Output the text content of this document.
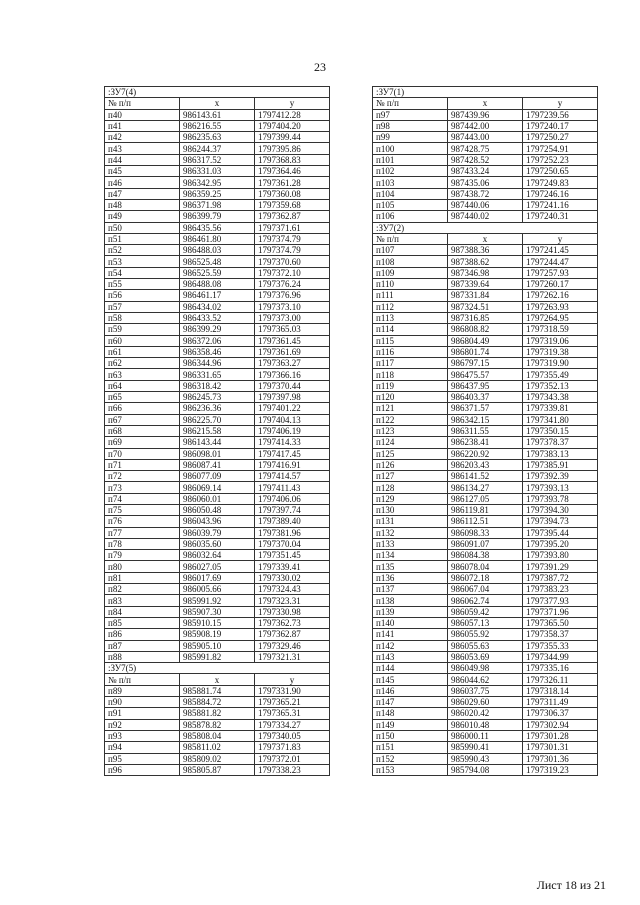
23
:ЗУ7(4)		
№ п/п	x	y
п40	986143.61	1797412.28
п41	986216.55	1797404.20
п42	986235.63	1797399.44
п43	986244.37	1797395.86
п44	986317.52	1797368.83
п45	986331.03	1797364.46
п46	986342.95	1797361.28
п47	986359.25	1797360.08
п48	986371.98	1797359.68
п49	986399.79	1797362.87
п50	986435.56	1797371.61
п51	986461.80	1797374.79
п52	986488.03	1797374.79
п53	986525.48	1797370.60
п54	986525.59	1797372.10
п55	986488.08	1797376.24
п56	986461.17	1797376.96
п57	986434.02	1797373.10
п58	986433.52	1797373.00
п59	986399.29	1797365.03
п60	986372.06	1797361.45
п61	986358.46	1797361.69
п62	986344.96	1797363.27
п63	986331.65	1797366.16
п64	986318.42	1797370.44
п65	986245.73	1797397.98
п66	986236.36	1797401.22
п67	986225.70	1797404.13
п68	986215.58	1797406.19
п69	986143.44	1797414.33
п70	986098.01	1797417.45
п71	986087.41	1797416.91
п72	986077.09	1797414.57
п73	986069.14	1797411.43
п74	986060.01	1797406.06
п75	986050.48	1797397.74
п76	986043.96	1797389.40
п77	986039.79	1797381.96
п78	986035.60	1797370.04
п79	986032.64	1797351.45
п80	986027.05	1797339.41
п81	986017.69	1797330.02
п82	986005.66	1797324.43
п83	985991.92	1797323.31
п84	985907.30	1797330.98
п85	985910.15	1797362.73
п86	985908.19	1797362.87
п87	985905.10	1797329.46
п88	985991.82	1797321.31
:ЗУ7(5)		
№ п/п	x	y
п89	985881.74	1797331.90
п90	985884.72	1797365.21
п91	985881.82	1797365.31
п92	985878.82	1797334.27
п93	985808.04	1797340.05
п94	985811.02	1797371.83
п95	985809.02	1797372.01
п96	985805.87	1797338.23
:ЗУ7(1)		
№ п/п	x	y
п97	987439.96	1797239.56
п98	987442.00	1797240.17
п99	987443.00	1797250.27
п100	987428.75	1797254.91
п101	987428.52	1797252.23
п102	987433.24	1797250.65
п103	987435.06	1797249.83
п104	987438.72	1797246.16
п105	987440.06	1797241.16
п106	987440.02	1797240.31
:ЗУ7(2)		
№ п/п	x	y
п107	987388.36	1797241.45
п108	987388.62	1797244.47
п109	987346.98	1797257.93
п110	987339.64	1797260.17
п111	987331.84	1797262.16
п112	987324.51	1797263.93
п113	987316.85	1797264.95
п114	986808.82	1797318.59
п115	986804.49	1797319.06
п116	986801.74	1797319.38
п117	986797.15	1797319.90
п118	986475.57	1797355.49
п119	986437.95	1797352.13
п120	986403.37	1797343.38
п121	986371.57	1797339.81
п122	986342.15	1797341.80
п123	986311.55	1797350.15
п124	986238.41	1797378.37
п125	986220.92	1797383.13
п126	986203.43	1797385.91
п127	986141.52	1797392.39
п128	986134.27	1797393.13
п129	986127.05	1797393.78
п130	986119.81	1797394.30
п131	986112.51	1797394.73
п132	986098.33	1797395.44
п133	986091.07	1797395.20
п134	986084.38	1797393.80
п135	986078.04	1797391.29
п136	986072.18	1797387.72
п137	986067.04	1797383.23
п138	986062.74	1797377.93
п139	986059.42	1797371.96
п140	986057.13	1797365.50
п141	986055.92	1797358.37
п142	986055.63	1797355.33
п143	986053.69	1797344.99
п144	986049.98	1797335.16
п145	986044.62	1797326.11
п146	986037.75	1797318.14
п147	986029.60	1797311.49
п148	986020.42	1797306.37
п149	986010.48	1797302.94
п150	986000.11	1797301.28
п151	985990.41	1797301.31
п152	985990.43	1797301.36
п153	985794.08	1797319.23
Лист 18 из 21
